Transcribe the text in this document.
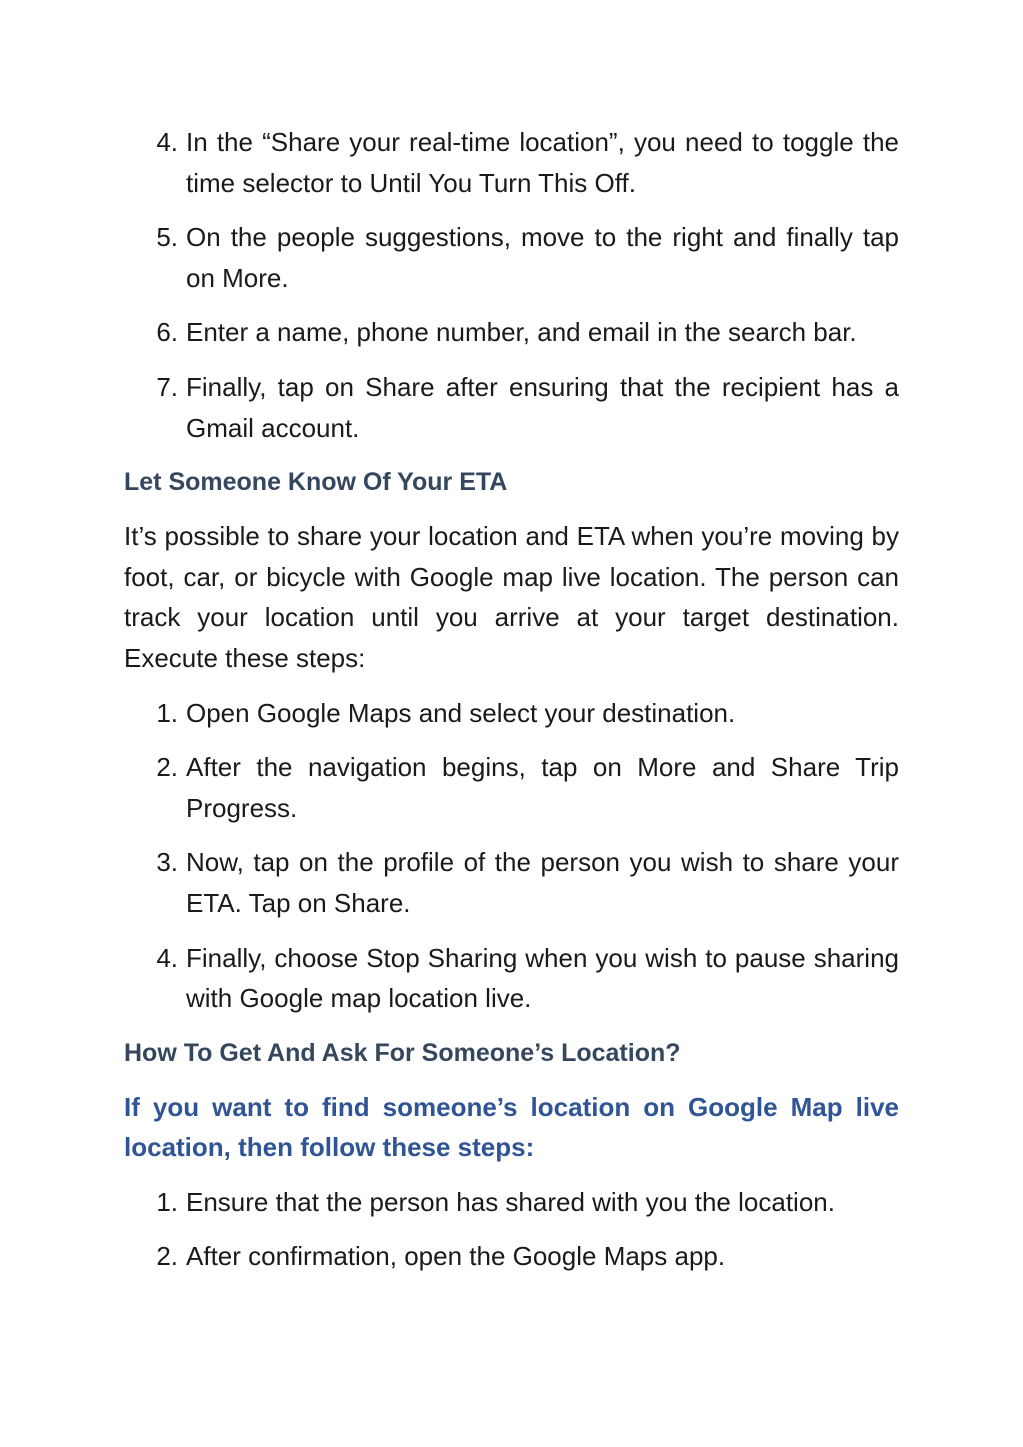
4. In the “Share your real-time location”, you need to toggle the time selector to Until You Turn This Off.
5. On the people suggestions, move to the right and finally tap on More.
6. Enter a name, phone number, and email in the search bar.
7. Finally, tap on Share after ensuring that the recipient has a Gmail account.
Let Someone Know Of Your ETA

It’s possible to share your location and ETA when you’re moving by foot, car, or bicycle with Google map live location. The person can track your location until you arrive at your target destination. Execute these steps:

1. Open Google Maps and select your destination.
2. After the navigation begins, tap on More and Share Trip Progress.
3. Now, tap on the profile of the person you wish to share your ETA. Tap on Share.
4. Finally, choose Stop Sharing when you wish to pause sharing with Google map location live.
How To Get And Ask For Someone’s Location?

If you want to find someone’s location on Google Map live location, then follow these steps:

1. Ensure that the person has shared with you the location.
2. After confirmation, open the Google Maps app.
